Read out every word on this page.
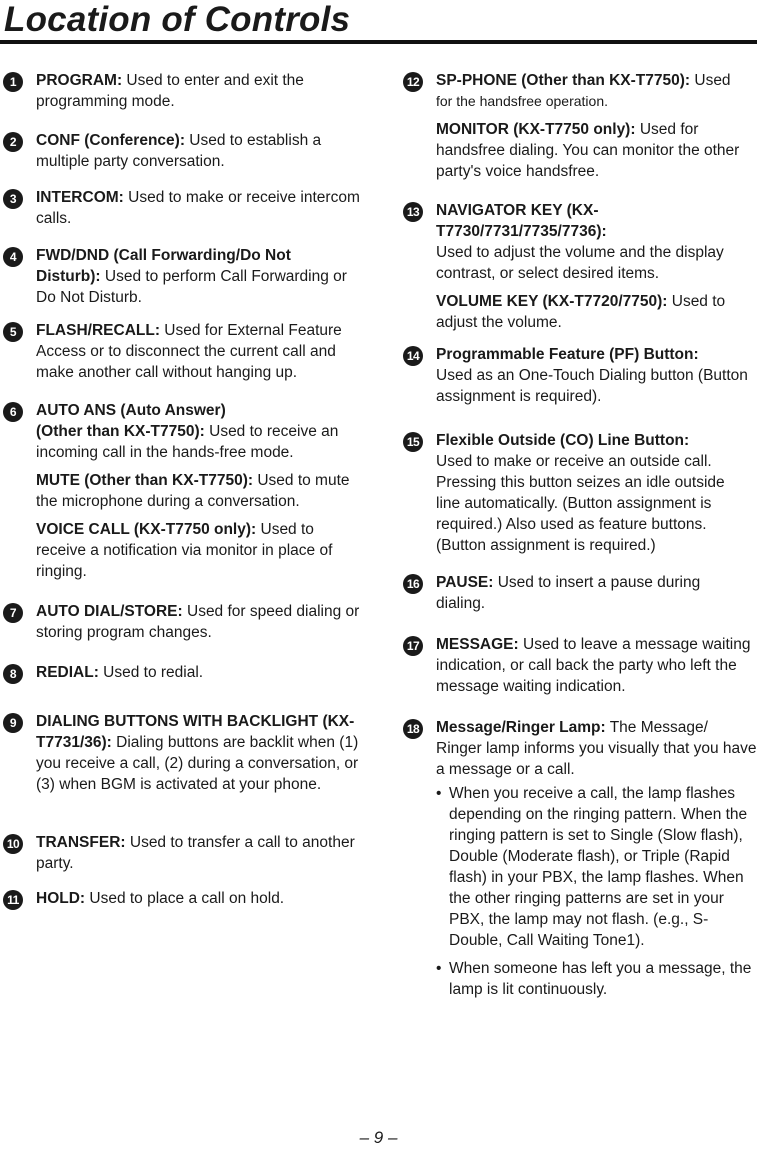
Location of Controls
1	PROGRAM: Used to enter and exit the programming mode.

2	CONF (Conference): Used to establish a multiple party conversation.

3	INTERCOM: Used to make or receive intercom calls.

4	FWD/DND (Call Forwarding/Do Not Disturb): Used to perform Call Forwarding or Do Not Disturb.

5	FLASH/RECALL: Used for External Feature Access or to disconnect the current call and make another call without hanging up.

6	AUTO ANS (Auto Answer)
(Other than KX-T7750): Used to receive an incoming call in the hands-free mode.

MUTE (Other than KX-T7750): Used to mute the microphone during a conversation.

VOICE CALL (KX-T7750 only): Used to receive a notification via monitor in place of ringing.

7	AUTO DIAL/STORE: Used for speed dialing or storing program changes.

8	REDIAL: Used to redial.

9	DIALING BUTTONS WITH BACKLIGHT (KX-T7731/36): Dialing buttons are backlit when (1) you receive a call, (2) during a conversation, or (3) when BGM is activated at your phone.

10 TRANSFER: Used to transfer a call to another party.

11 HOLD: Used to place a call on hold.

12 SP-PHONE (Other than KX-T7750): Used
for the handsfree operation.

MONITOR (KX-T7750 only): Used for handsfree dialing. You can monitor the other party's voice handsfree.

13 NAVIGATOR KEY (KX-T7730/7731/7735/7736):
Used to adjust the volume and the display contrast, or select desired items.

VOLUME KEY (KX-T7720/7750): Used to adjust the volume.

14 Programmable Feature (PF) Button:
Used as an One-Touch Dialing button (Button assignment is required).

15 Flexible Outside (CO) Line Button:
Used to make or receive an outside call. Pressing this button seizes an idle outside line automatically. (Button assignment is required.) Also used as feature buttons. (Button assignment is required.)

16 PAUSE: Used to insert a pause during dialing.

17 MESSAGE: Used to leave a message waiting indication, or call back the party who left the message waiting indication.

18 Message/Ringer Lamp: The Message/ Ringer lamp informs you visually that you have a message or a call.

• When you receive a call, the lamp flashes depending on the ringing pattern. When the ringing pattern is set to Single (Slow flash), Double (Moderate flash), or Triple (Rapid flash) in your PBX, the lamp flashes. When the other ringing patterns are set in your PBX, the lamp may not flash. (e.g., S-Double, Call Waiting Tone1).
• When someone has left you a message, the lamp is lit continuously.
– 9 –
